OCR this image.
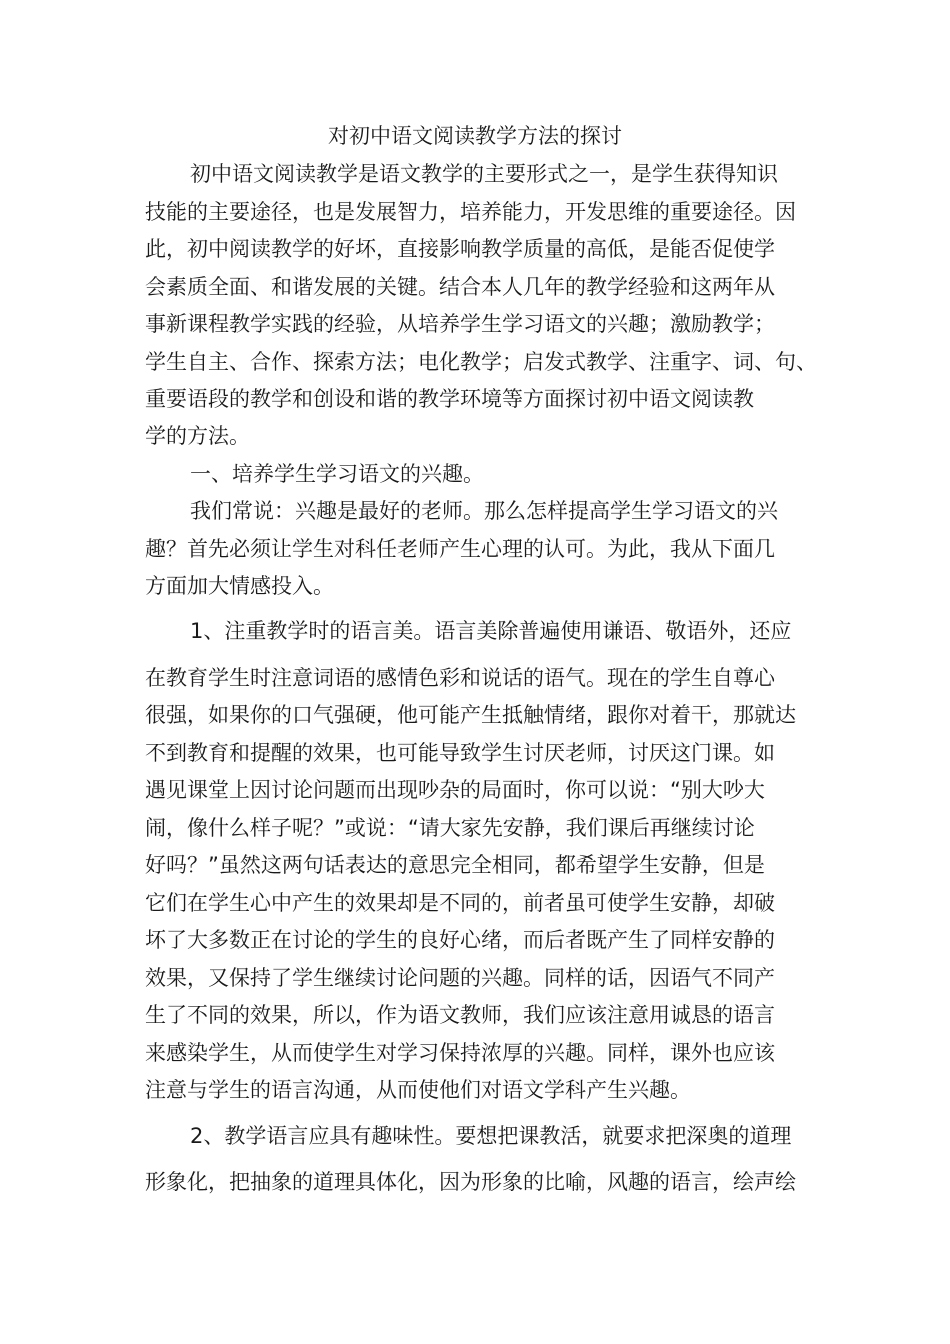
对初中语文阅读教学方法的探讨
初中语文阅读教学是语文教学的主要形式之一，是学生获得知识
技能的主要途径，也是发展智力，培养能力，开发思维的重要途径。因
此，初中阅读教学的好坏，直接影响教学质量的高低，是能否促使学
会素质全面、和谐发展的关键。结合本人几年的教学经验和这两年从
事新课程教学实践的经验，从培养学生学习语文的兴趣；激励教学；
学生自主、合作、探索方法；电化教学；启发式教学、注重字、词、句、
重要语段的教学和创设和谐的教学环境等方面探讨初中语文阅读教
学的方法。
一、培养学生学习语文的兴趣。
我们常说：兴趣是最好的老师。那么怎样提高学生学习语文的兴
趣？首先必须让学生对科任老师产生心理的认可。为此，我从下面几
方面加大情感投入。
1、注重教学时的语言美。语言美除普遍使用谦语、敬语外，还应
在教育学生时注意词语的感情色彩和说话的语气。现在的学生自尊心
很强，如果你的口气强硬，他可能产生抵触情绪，跟你对着干，那就达
不到教育和提醒的效果，也可能导致学生讨厌老师，讨厌这门课。如
遇见课堂上因讨论问题而出现吵杂的局面时，你可以说：“别大吵大
闹，像什么样子呢？”或说：“请大家先安静，我们课后再继续讨论
好吗？”虽然这两句话表达的意思完全相同，都希望学生安静，但是
它们在学生心中产生的效果却是不同的，前者虽可使学生安静，却破
坏了大多数正在讨论的学生的良好心绪，而后者既产生了同样安静的
效果，又保持了学生继续讨论问题的兴趣。同样的话，因语气不同产
生了不同的效果，所以，作为语文教师，我们应该注意用诚恳的语言
来感染学生，从而使学生对学习保持浓厚的兴趣。同样，课外也应该
注意与学生的语言沟通，从而使他们对语文学科产生兴趣。
2、教学语言应具有趣味性。要想把课教活，就要求把深奥的道理
形象化，把抽象的道理具体化，因为形象的比喻，风趣的语言，绘声绘
